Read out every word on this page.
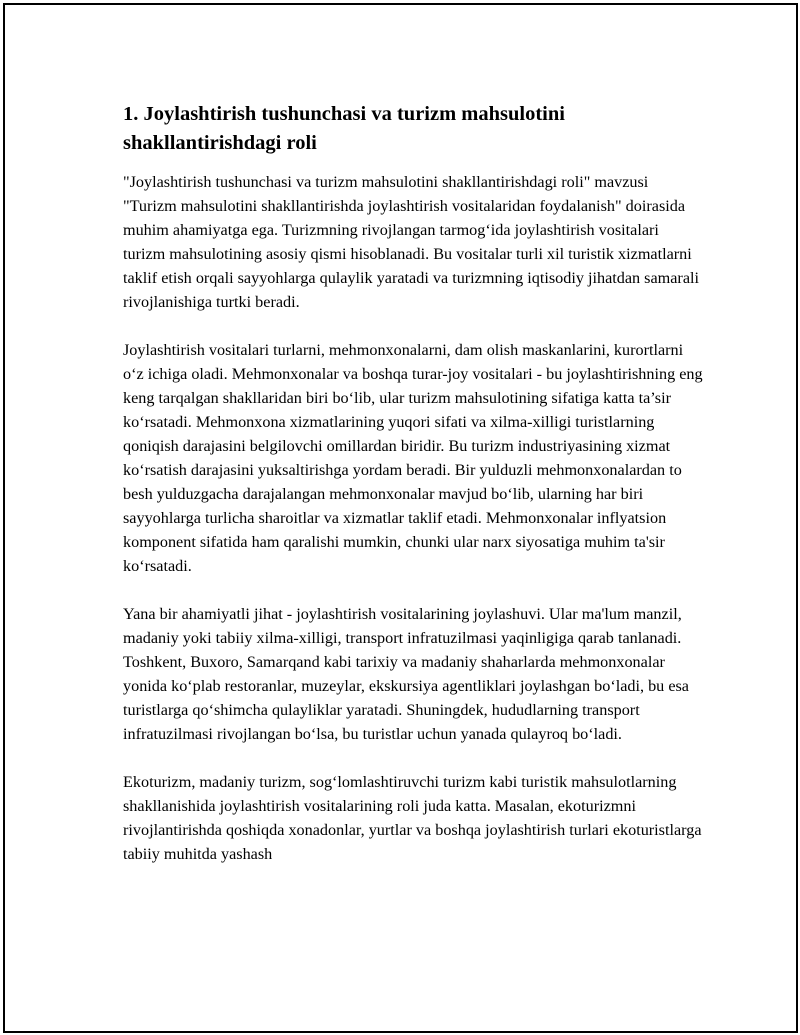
1. Joylashtirish tushunchasi va turizm mahsulotini shakllantirishdagi roli

"Joylashtirish tushunchasi va turizm mahsulotini shakllantirishdagi roli" mavzusi "Turizm mahsulotini shakllantirishda joylashtirish vositalaridan foydalanish" doirasida muhim ahamiyatga ega. Turizmning rivojlangan tarmog‘ida joylashtirish vositalari turizm mahsulotining asosiy qismi hisoblanadi. Bu vositalar turli xil turistik xizmatlarni taklif etish orqali sayyohlarga qulaylik yaratadi va turizmning iqtisodiy jihatdan samarali rivojlanishiga turtki beradi.

Joylashtirish vositalari turlarni, mehmonxonalarni, dam olish maskanlarini, kurortlarni o‘z ichiga oladi. Mehmonxonalar va boshqa turar-joy vositalari - bu joylashtirishning eng keng tarqalgan shakllaridan biri bo‘lib, ular turizm mahsulotining sifatiga katta ta’sir ko‘rsatadi. Mehmonxona xizmatlarining yuqori sifati va xilma-xilligi turistlarning qoniqish darajasini belgilovchi omillardan biridir. Bu turizm industriyasining xizmat ko‘rsatish darajasini yuksaltirishga yordam beradi. Bir yulduzli mehmonxonalardan to besh yulduzgacha darajalangan mehmonxonalar mavjud bo‘lib, ularning har biri sayyohlarga turlicha sharoitlar va xizmatlar taklif etadi. Mehmonxonalar inflyatsion komponent sifatida ham qaralishi mumkin, chunki ular narx siyosatiga muhim ta'sir ko‘rsatadi.

Yana bir ahamiyatli jihat - joylashtirish vositalarining joylashuvi. Ular ma'lum manzil, madaniy yoki tabiiy xilma-xilligi, transport infratuzilmasi yaqinligiga qarab tanlanadi. Toshkent, Buxoro, Samarqand kabi tarixiy va madaniy shaharlarda mehmonxonalar yonida ko‘plab restoranlar, muzeylar, ekskursiya agentliklari joylashgan bo‘ladi, bu esa turistlarga qo‘shimcha qulayliklar yaratadi. Shuningdek, hududlarning transport infratuzilmasi rivojlangan bo‘lsa, bu turistlar uchun yanada qulayroq bo‘ladi.

Ekoturizm, madaniy turizm, sog‘lomlashtiruvchi turizm kabi turistik mahsulotlarning shakllanishida joylashtirish vositalarining roli juda katta. Masalan, ekoturizmni rivojlantirishda qoshiqda xonadonlar, yurtlar va boshqa joylashtirish turlari ekoturistlarga tabiiy muhitda yashash
